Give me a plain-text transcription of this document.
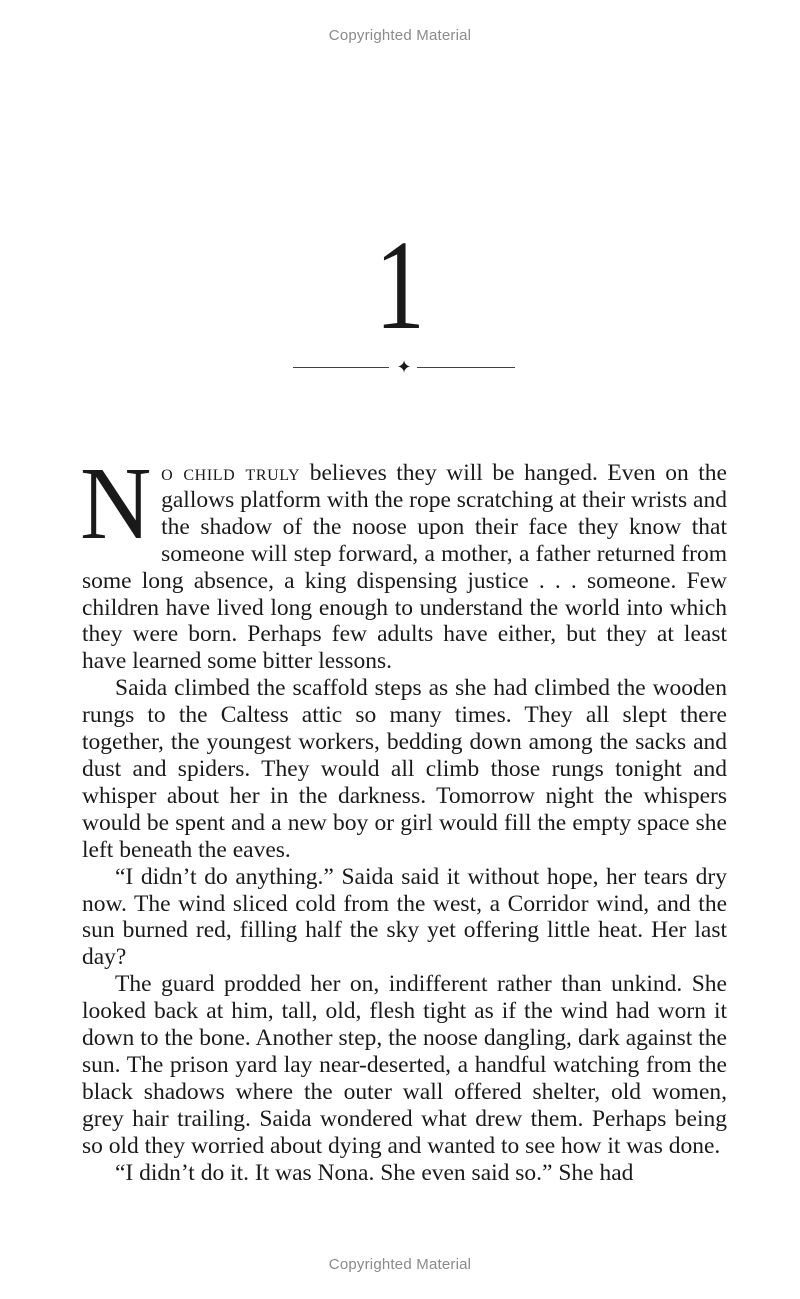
Copyrighted Material
1
✦

No child truly believes they will be hanged. Even on the gallows platform with the rope scratching at their wrists and the shadow of the noose upon their face they know that someone will step forward, a mother, a father returned from some long absence, a king dispensing justice . . . someone. Few children have lived long enough to understand the world into which they were born. Perhaps few adults have either, but they at least have learned some bitter lessons.

Saida climbed the scaffold steps as she had climbed the wooden rungs to the Caltess attic so many times. They all slept there together, the youngest workers, bedding down among the sacks and dust and spiders. They would all climb those rungs tonight and whisper about her in the darkness. Tomorrow night the whispers would be spent and a new boy or girl would fill the empty space she left beneath the eaves.

“I didn’t do anything.” Saida said it without hope, her tears dry now. The wind sliced cold from the west, a Corridor wind, and the sun burned red, filling half the sky yet offering little heat. Her last day?

The guard prodded her on, indifferent rather than unkind. She looked back at him, tall, old, flesh tight as if the wind had worn it down to the bone. Another step, the noose dangling, dark against the sun. The prison yard lay near-deserted, a handful watching from the black shadows where the outer wall offered shelter, old women, grey hair trailing. Saida wondered what drew them. Perhaps being so old they worried about dying and wanted to see how it was done.

“I didn’t do it. It was Nona. She even said so.” She had

Copyrighted Material
